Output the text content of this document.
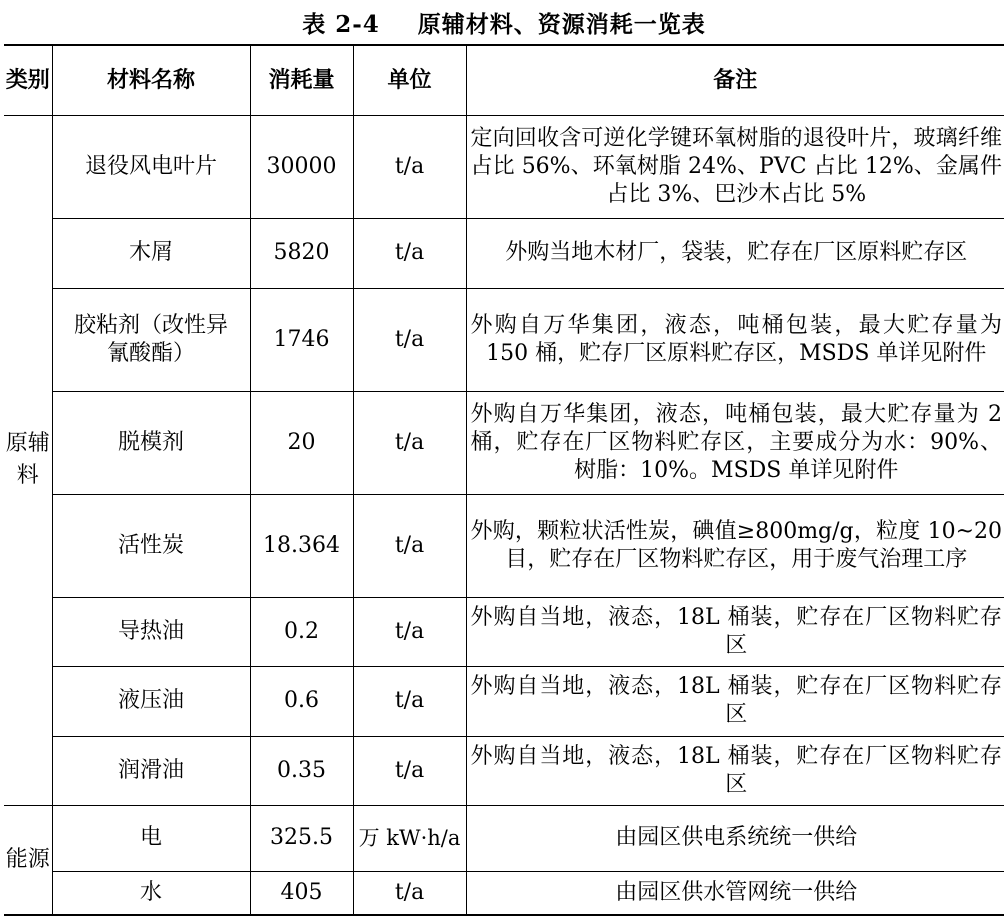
表 2-4 原辅材料、资源消耗一览表
类别	材料名称	消耗量	单位	备注
原辅料	退役风电叶片	30000	t/a	定向回收含可逆化学键环氧树脂的退役叶片，玻璃纤维占比 56%、环氧树脂 24%、PVC 占比 12%、金属件占比 3%、巴沙木占比 5%
	木屑	5820	t/a	外购当地木材厂，袋装，贮存在厂区原料贮存区
	胶粘剂（改性异氰酸酯）	1746	t/a	外购自万华集团，液态，吨桶包装，最大贮存量为 150 桶，贮存厂区原料贮存区，MSDS 单详见附件
	脱模剂	20	t/a	外购自万华集团，液态，吨桶包装，最大贮存量为 2 桶，贮存在厂区物料贮存区，主要成分为水：90%、树脂：10%。MSDS 单详见附件
	活性炭	18.364	t/a	外购，颗粒状活性炭，碘值≥800mg/g，粒度 10~20 目，贮存在厂区物料贮存区，用于废气治理工序
	导热油	0.2	t/a	外购自当地，液态，18L 桶装，贮存在厂区物料贮存区
	液压油	0.6	t/a	外购自当地，液态，18L 桶装，贮存在厂区物料贮存区
	润滑油	0.35	t/a	外购自当地，液态，18L 桶装，贮存在厂区物料贮存区
能源	电	325.5	万 kW·h/a	由园区供电系统统一供给
	水	405	t/a	由园区供水管网统一供给
